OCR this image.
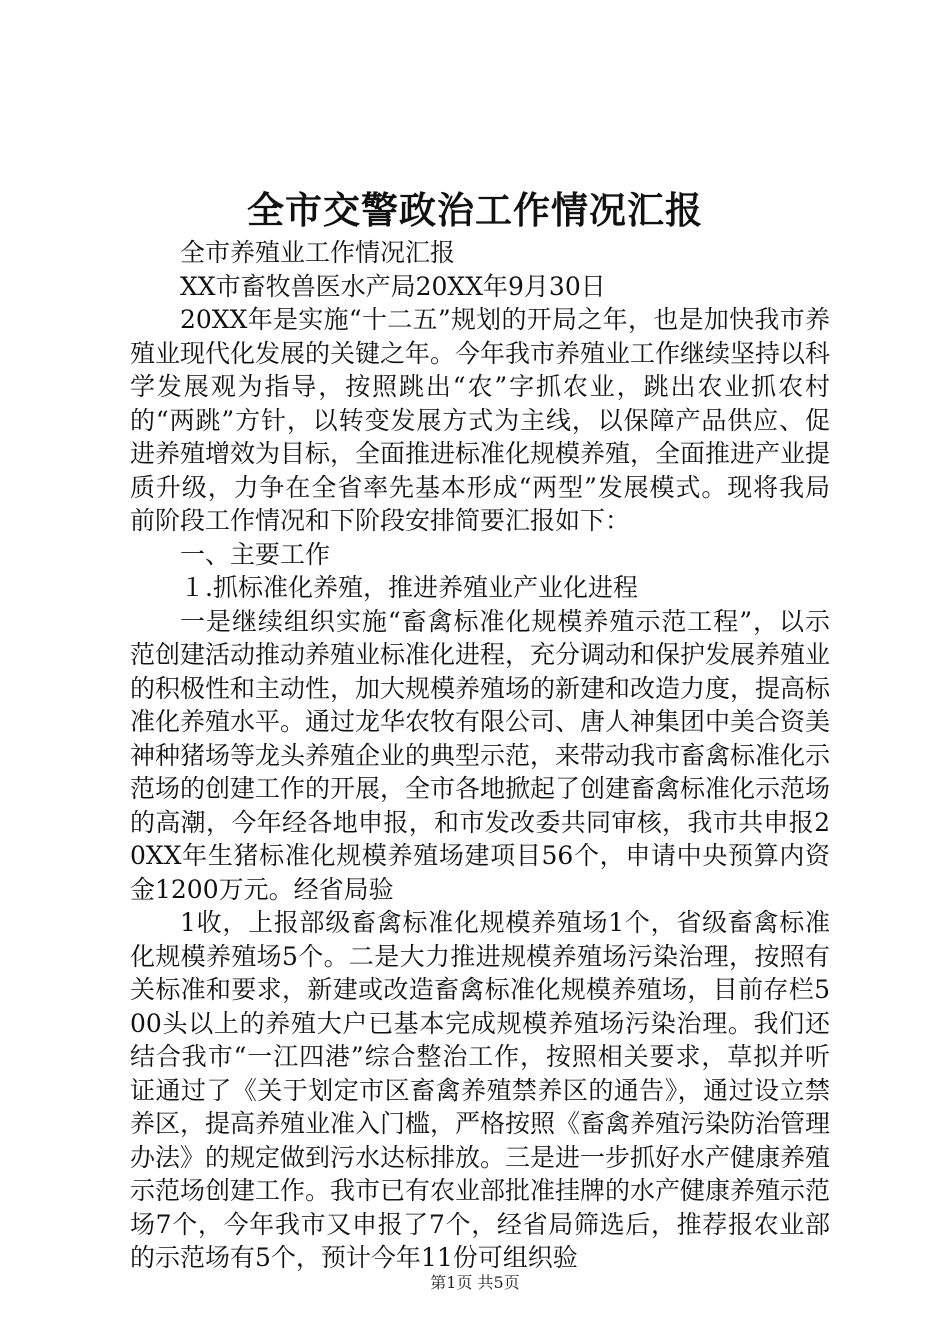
全市交警政治工作情况汇报

全市养殖业工作情况汇报

XX市畜牧兽医水产局20XX年9月30日

20XX年是实施“十二五”规划的开局之年，也是加快我市养殖业现代化发展的关键之年。今年我市养殖业工作继续坚持以科学发展观为指导，按照跳出“农”字抓农业，跳出农业抓农村的“两跳”方针，以转变发展方式为主线，以保障产品供应、促进养殖增效为目标，全面推进标准化规模养殖，全面推进产业提质升级，力争在全省率先基本形成“两型”发展模式。现将我局前阶段工作情况和下阶段安排简要汇报如下：

一、主要工作

１.抓标准化养殖，推进养殖业产业化进程

一是继续组织实施“畜禽标准化规模养殖示范工程”，以示范创建活动推动养殖业标准化进程，充分调动和保护发展养殖业的积极性和主动性，加大规模养殖场的新建和改造力度，提高标准化养殖水平。通过龙华农牧有限公司、唐人神集团中美合资美神种猪场等龙头养殖企业的典型示范，来带动我市畜禽标准化示范场的创建工作的开展，全市各地掀起了创建畜禽标准化示范场的高潮，今年经各地申报，和市发改委共同审核，我市共申报20XX年生猪标准化规模养殖场建项目56个，申请中央预算内资金1200万元。经省局验

1收，上报部级畜禽标准化规模养殖场1个，省级畜禽标准化规模养殖场5个。二是大力推进规模养殖场污染治理，按照有关标准和要求，新建或改造畜禽标准化规模养殖场，目前存栏500头以上的养殖大户已基本完成规模养殖场污染治理。我们还结合我市“一江四港”综合整治工作，按照相关要求，草拟并听证通过了《关于划定市区畜禽养殖禁养区的通告》，通过设立禁养区，提高养殖业准入门槛，严格按照《畜禽养殖污染防治管理办法》的规定做到污水达标排放。三是进一步抓好水产健康养殖示范场创建工作。我市已有农业部批准挂牌的水产健康养殖示范场7个，今年我市又申报了7个，经省局筛选后，推荐报农业部的示范场有5个，预计今年11份可组织验

第1页 共5页
